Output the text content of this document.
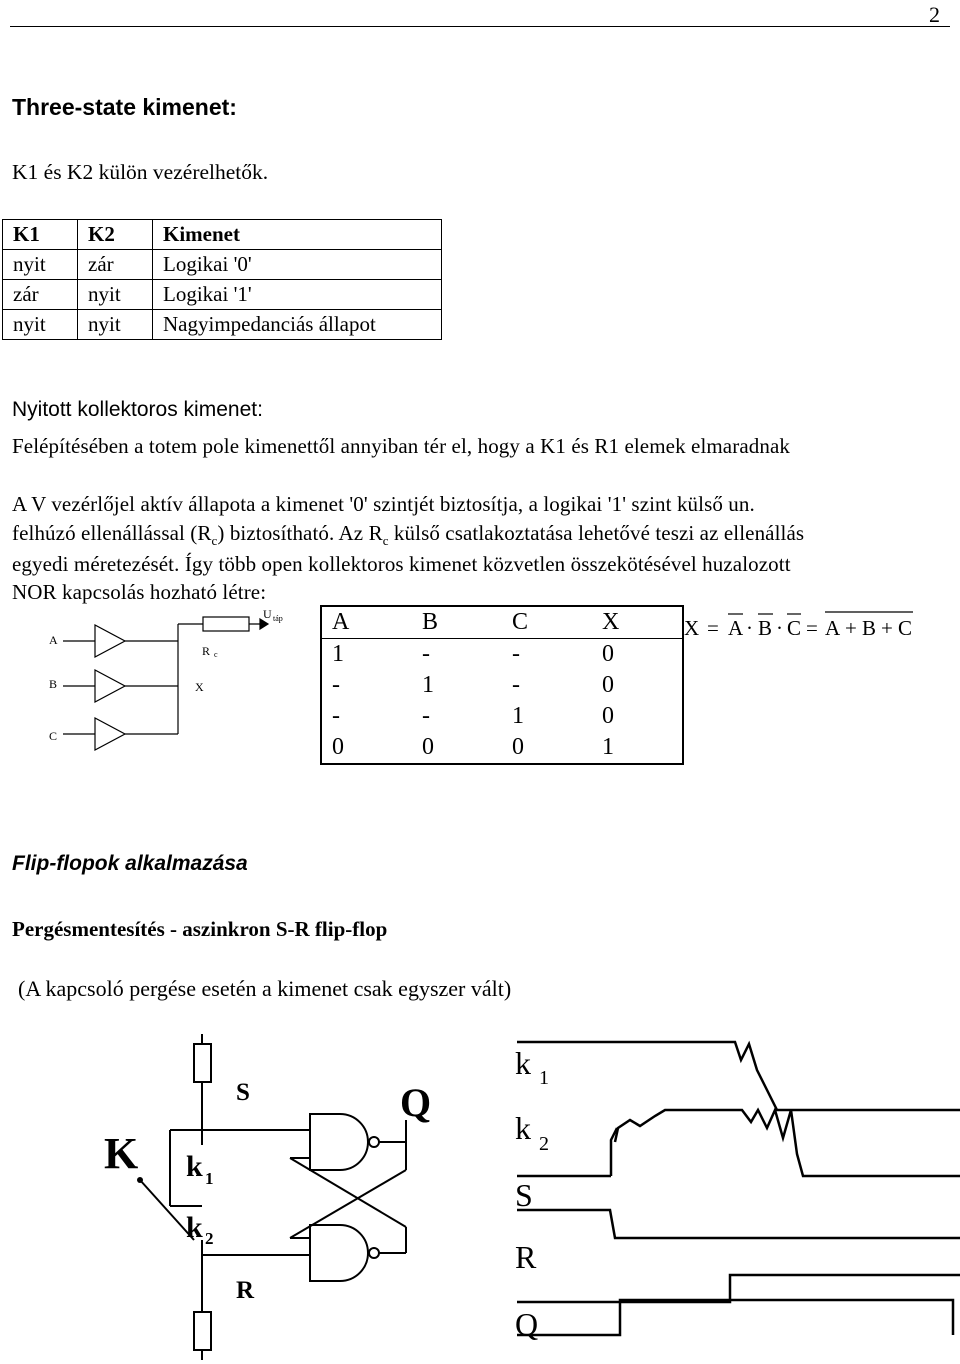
2
Three-state kimenet:
K1 és K2 külön vezérelhetők.
K1	K2	Kimenet
nyit	zár	Logikai '0'
zár	nyit	Logikai '1'
nyit	nyit	Nagyimpedanciás állapot
Nyitott kollektoros kimenet:
Felépítésében a totem pole kimenettől annyiban tér el, hogy a K1 és R1 elemek elmaradnak
A V vezérlőjel aktív állapota a kimenet '0' szintjét biztosítja, a logikai '1' szint külső un.
felhúzó ellenállással $(R_c)$ biztosítható. Az $R_c$ külső csatlakoztatása lehetővé teszi az ellenállás
egyedi méretezését. Így több open kollektoros kimenet közvetlen összekötésével huzalozott
NOR kapcsolás hozható létre:
A
B
C
X
R c
U táp A	B	C	X
1	-	-	0
-	1	-	0
-	-	1	0
0	0	0	1
X = A · B · C = A + B + C
Flip-flopok alkalmazása
Pergésmentesítés - aszinkron S-R flip-flop
(A kapcsoló pergése esetén a kimenet csak egyszer vált)
K k 1
k 2
S
R
Q
k 1
k 2
S
R
Q
